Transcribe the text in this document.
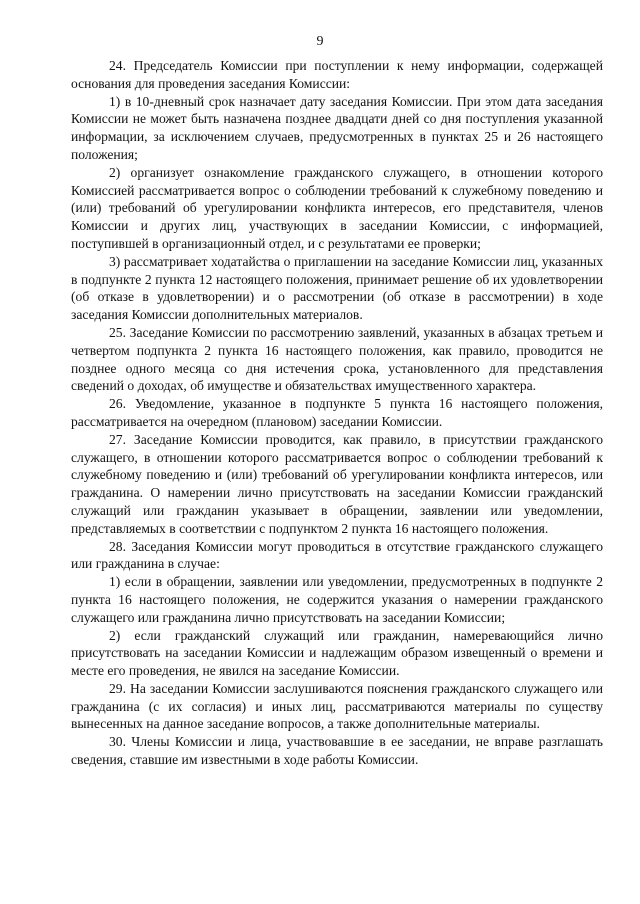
9

24. Председатель Комиссии при поступлении к нему информации, содержащей основания для проведения заседания Комиссии:

1) в 10-дневный срок назначает дату заседания Комиссии. При этом дата заседания Комиссии не может быть назначена позднее двадцати дней со дня поступления указанной информации, за исключением случаев, предусмотренных в пунктах 25 и 26 настоящего положения;

2) организует ознакомление гражданского служащего, в отношении которого Комиссией рассматривается вопрос о соблюдении требований к служебному поведению и (или) требований об урегулировании конфликта интересов, его представителя, членов Комиссии и других лиц, участвующих в заседании Комиссии, с информацией, поступившей в организационный отдел, и с результатами ее проверки;

3) рассматривает ходатайства о приглашении на заседание Комиссии лиц, указанных в подпункте 2 пункта 12 настоящего положения, принимает решение об их удовлетворении (об отказе в удовлетворении) и о рассмотрении (об отказе в рассмотрении) в ходе заседания Комиссии дополнительных материалов.

25. Заседание Комиссии по рассмотрению заявлений, указанных в абзацах третьем и четвертом подпункта 2 пункта 16 настоящего положения, как правило, проводится не позднее одного месяца со дня истечения срока, установленного для представления сведений о доходах, об имуществе и обязательствах имущественного характера.

26. Уведомление, указанное в подпункте 5 пункта 16 настоящего положения, рассматривается на очередном (плановом) заседании Комиссии.

27. Заседание Комиссии проводится, как правило, в присутствии гражданского служащего, в отношении которого рассматривается вопрос о соблюдении требований к служебному поведению и (или) требований об урегулировании конфликта интересов, или гражданина. О намерении лично присутствовать на заседании Комиссии гражданский служащий или гражданин указывает в обращении, заявлении или уведомлении, представляемых в соответствии с подпунктом 2 пункта 16 настоящего положения.

28. Заседания Комиссии могут проводиться в отсутствие гражданского служащего или гражданина в случае:

1) если в обращении, заявлении или уведомлении, предусмотренных в подпункте 2 пункта 16 настоящего положения, не содержится указания о намерении гражданского служащего или гражданина лично присутствовать на заседании Комиссии;

2) если гражданский служащий или гражданин, намеревающийся лично присутствовать на заседании Комиссии и надлежащим образом извещенный о времени и месте его проведения, не явился на заседание Комиссии.

29. На заседании Комиссии заслушиваются пояснения гражданского служащего или гражданина (с их согласия) и иных лиц, рассматриваются материалы по существу вынесенных на данное заседание вопросов, а также дополнительные материалы.

30. Члены Комиссии и лица, участвовавшие в ее заседании, не вправе разглашать сведения, ставшие им известными в ходе работы Комиссии.
